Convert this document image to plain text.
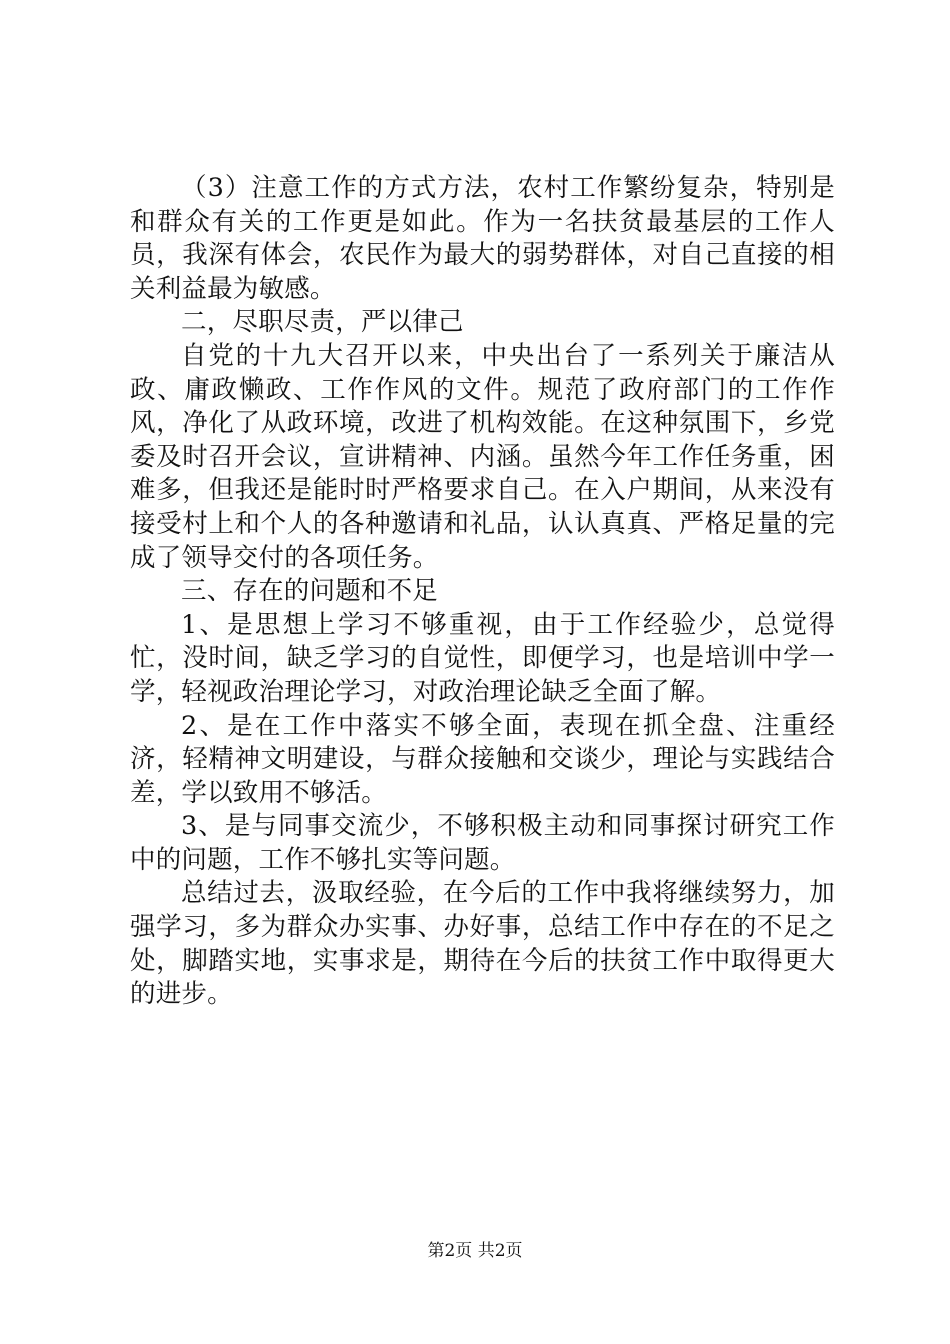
（3）注意工作的方式方法，农村工作繁纷复杂，特别是和群众有关的工作更是如此。作为一名扶贫最基层的工作人员，我深有体会，农民作为最大的弱势群体，对自己直接的相关利益最为敏感。

二，尽职尽责，严以律己

自党的十九大召开以来，中央出台了一系列关于廉洁从政、庸政懒政、工作作风的文件。规范了政府部门的工作作风，净化了从政环境，改进了机构效能。在这种氛围下，乡党委及时召开会议，宣讲精神、内涵。虽然今年工作任务重，困难多，但我还是能时时严格要求自己。在入户期间，从来没有接受村上和个人的各种邀请和礼品，认认真真、严格足量的完成了领导交付的各项任务。

三、存在的问题和不足

1、是思想上学习不够重视，由于工作经验少，总觉得忙，没时间，缺乏学习的自觉性，即便学习，也是培训中学一学，轻视政治理论学习，对政治理论缺乏全面了解。

2、是在工作中落实不够全面，表现在抓全盘、注重经济，轻精神文明建设，与群众接触和交谈少，理论与实践结合差，学以致用不够活。

3、是与同事交流少，不够积极主动和同事探讨研究工作中的问题，工作不够扎实等问题。

总结过去，汲取经验，在今后的工作中我将继续努力，加强学习，多为群众办实事、办好事，总结工作中存在的不足之处，脚踏实地，实事求是，期待在今后的扶贫工作中取得更大的进步。

第2页 共2页
